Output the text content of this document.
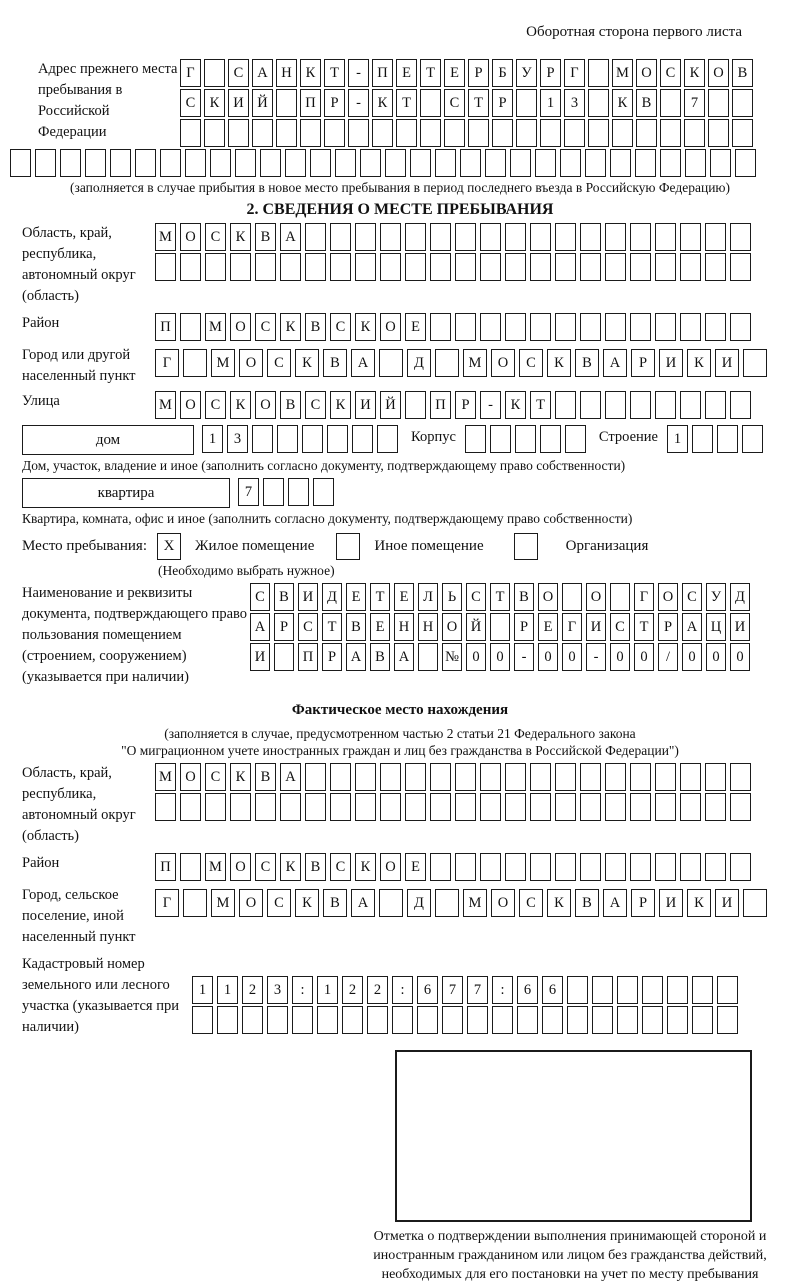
Оборотная сторона первого листа
Адрес прежнего места пребывания в Российской Федерации
Г	С А Н К	Т	-	П Е	Т	Е	Р	Б	У	Р	Г	М О С К О В
С К И Й	П	Р	-	К	Т	С	Т	Р	1	3	К В	7
(заполняется в случае прибытия в новое место пребывания в период последнего въезда в Российскую Федерацию)
2. СВЕДЕНИЯ О МЕСТЕ ПРЕБЫВАНИЯ
Область, край, республика, автономный округ (область)
М О	С	К	В	А
Район	П	М О	С	К	В	С	К	О	Е
Город или другой населенный пункт
Г	М	О	С	К	В	А	Д	М	О	С	К	В	А	Р	И	К	И
Улица	М О	С	К	О	В	С	К	И	Й	П	Р	-	К	Т
дом	1	3	Корпус	Строение	1
Дом, участок, владение и иное (заполнить согласно документу, подтверждающему право собственности)
квартира	7
Квартира, комната, офис и иное (заполнить согласно документу, подтверждающему право собственности)
Место пребывания:	X	Жилое помещение	Иное помещение	Организация
(Необходимо выбрать нужное)
Наименование и реквизиты документа, подтверждающего право пользования помещением (строением, сооружением) (указывается при наличии)
С В И Д	Е	Т	Е	Л	Ь	С	Т	В О	О	Г	О С У Д
А	Р	С	Т	В	Е Н Н О Й	Р	Е	Г	И С	Т	Р	А Ц И
И	П	Р	А В А	№ 0	0	-	0	0	-	0	0	/	0	0	0
Фактическое место нахождения
(заполняется в случае, предусмотренном частью 2 статьи 21 Федерального закона
"О миграционном учете иностранных граждан и лиц без гражданства в Российской Федерации")
Область, край, республика, автономный округ (область)
М О	С	К	В	А
Район	П	М О	С	К	В	С	К	О	Е
Город, сельское поселение, иной населенный пункт
Г	М	О	С	К	В	А	Д	М	О	С	К	В	А	Р	И	К	И
Кадастровый номер земельного или лесного участка (указывается при наличии)
1	1	2	3	:	1	2	2	:	6	7	7	:	6	6
Отметка о подтверждении выполнения принимающей стороной и иностранным гражданином или лицом без гражданства действий, необходимых для его постановки на учет по месту пребывания
